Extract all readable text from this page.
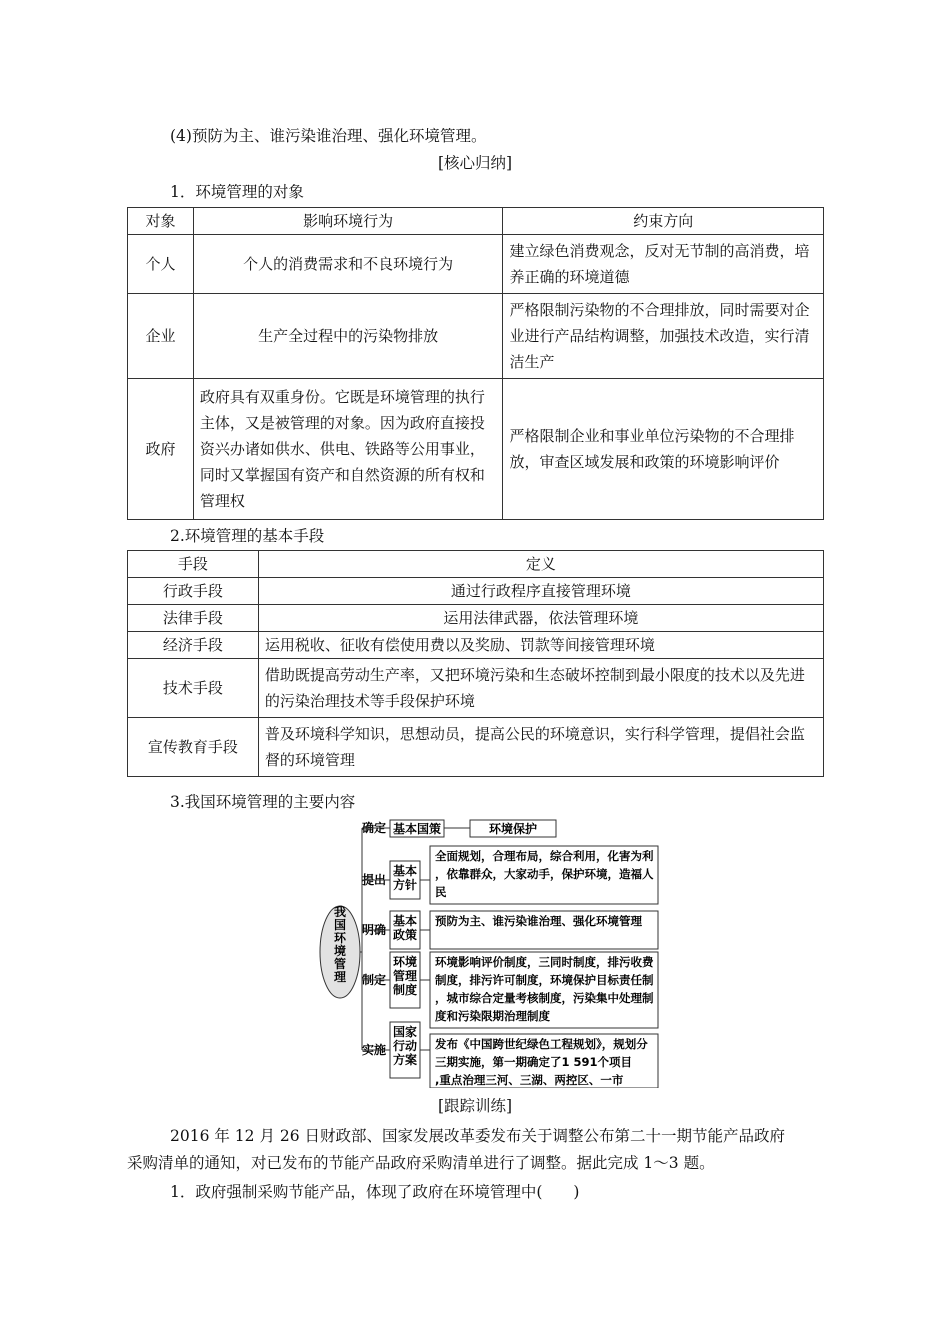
(4)预防为主、谁污染谁治理、强化环境管理。
[核心归纳]
1．环境管理的对象
对象	影响环境行为	约束方向
个人	个人的消费需求和不良环境行为	建立绿色消费观念，反对无节制的高消费，培养正确的环境道德
企业	生产全过程中的污染物排放	严格限制污染物的不合理排放，同时需要对企业进行产品结构调整，加强技术改造，实行清洁生产
政府	政府具有双重身份。它既是环境管理的执行主体，又是被管理的对象。因为政府直接投资兴办诸如供水、供电、铁路等公用事业，同时又掌握国有资产和自然资源的所有权和管理权	严格限制企业和事业单位污染物的不合理排放，审查区域发展和政策的环境影响评价
2.环境管理的基本手段
手段	定义
行政手段	通过行政程序直接管理环境
法律手段	运用法律武器，依法管理环境
经济手段	运用税收、征收有偿使用费以及奖励、罚款等间接管理环境
技术手段	借助既提高劳动生产率，又把环境污染和生态破坏控制到最小限度的技术以及先进的污染治理技术等手段保护环境
宣传教育手段	普及环境科学知识，思想动员，提高公民的环境意识，实行科学管理，提倡社会监督的环境管理
3.我国环境管理的主要内容
我国环境管理
确定 基本国策	环境保护
提出
基本方针
全面规划，合理布局，综合利用，化害为利，依靠群众，大家动手，保护环境，造福人民
明确
基本政策
预防为主、谁污染谁治理、强化环境管理
制定
环境管理制度
环境影响评价制度，三同时制度，排污收费制度，排污许可制度，环境保护目标责任制，城市综合定量考核制度，污染集中处理制度和污染限期治理制度
实施
国家行动方案
发布《中国跨世纪绿色工程规划》，规划分三期实施，第一期确定了1 591个项目,重点治理三河、三湖、两控区、一市
[跟踪训练]
2016 年 12 月 26 日财政部、国家发展改革委发布关于调整公布第二十一期节能产品政府
采购清单的通知，对已发布的节能产品政府采购清单进行了调整。据此完成 1～3 题。
1．政府强制采购节能产品，体现了政府在环境管理中(　　)
